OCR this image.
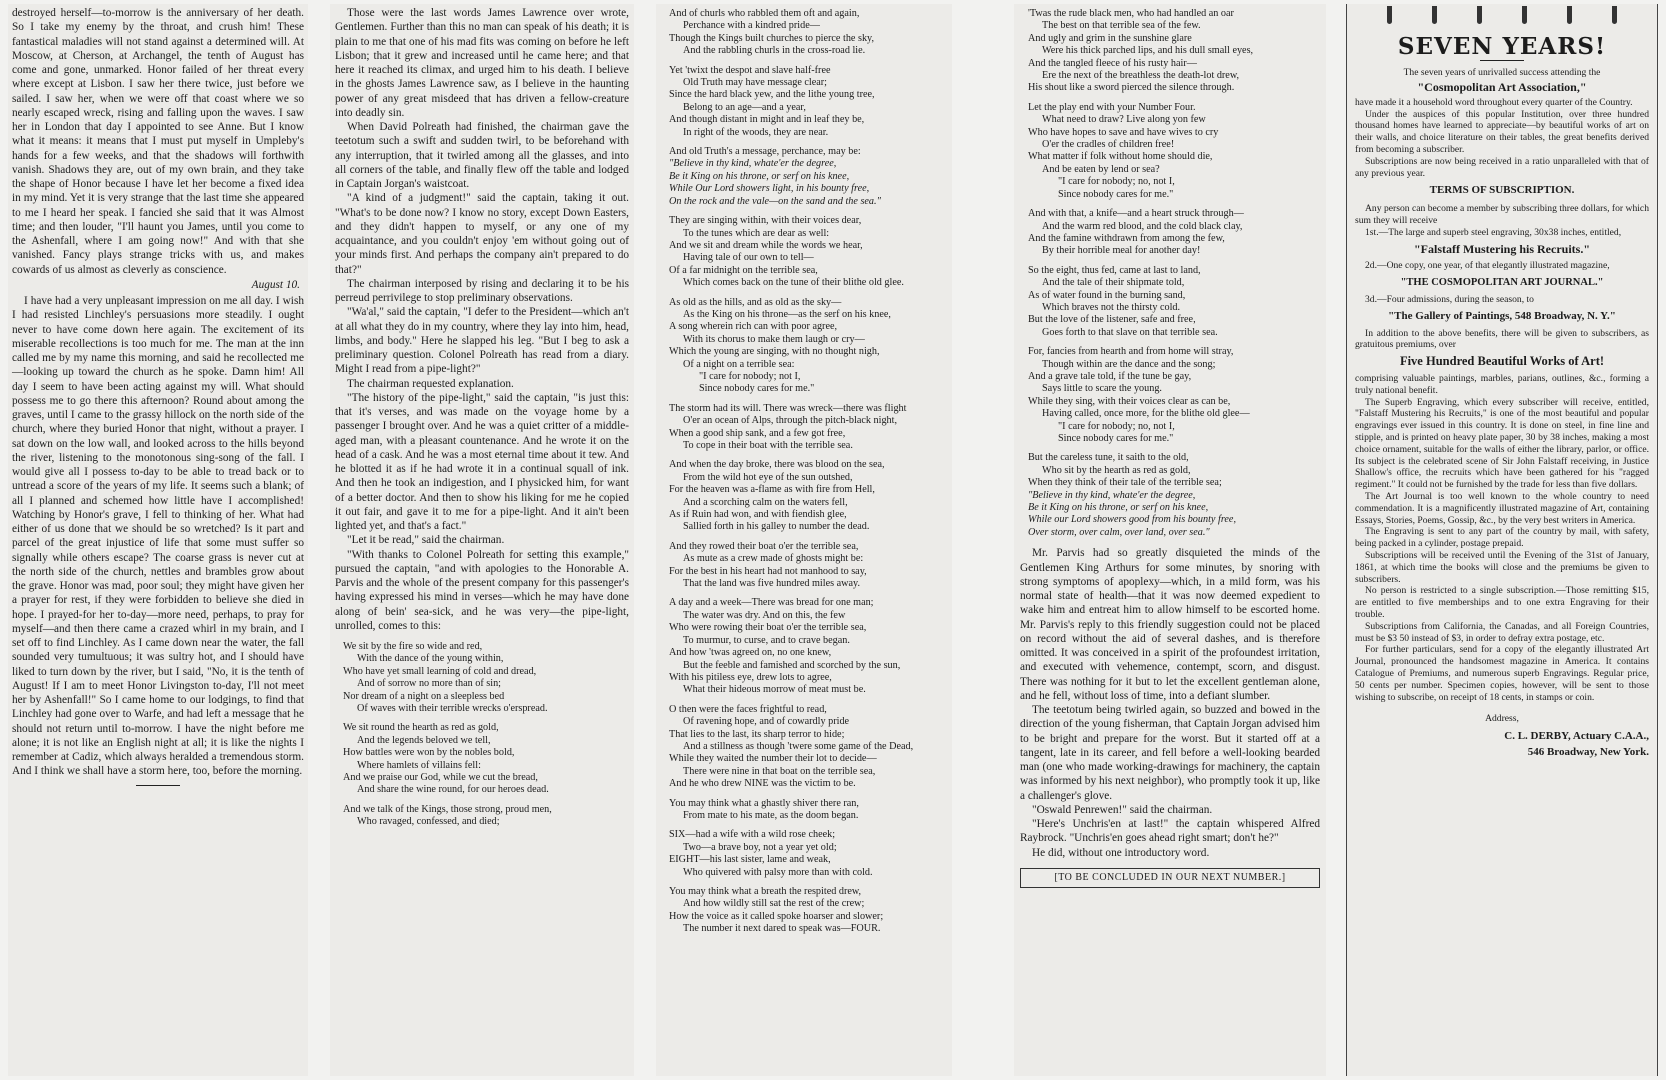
destroyed herself—to-morrow is the anniversary of her death. So I take my enemy by the throat, and crush him! These fantastical maladies will not stand against a determined will. At Moscow, at Cherson, at Archangel, the tenth of August has come and gone, unmarked. Honor failed of her threat every where except at Lisbon. I saw her there twice, just before we sailed. I saw her, when we were off that coast where we so nearly escaped wreck, rising and falling upon the waves. I saw her in London that day I appointed to see Anne. But I know what it means: it means that I must put myself in Umpleby's hands for a few weeks, and that the shadows will forthwith vanish. Shadows they are, out of my own brain, and they take the shape of Honor because I have let her become a fixed idea in my mind. Yet it is very strange that the last time she appeared to me I heard her speak. I fancied she said that it was Almost time; and then louder, "I'll haunt you James, until you come to the Ashenfall, where I am going now!" And with that she vanished. Fancy plays strange tricks with us, and makes cowards of us almost as cleverly as conscience.

August 10.

I have had a very unpleasant impression on me all day. I wish I had resisted Linchley's persuasions more steadily. I ought never to have come down here again. The excitement of its miserable recollections is too much for me. The man at the inn called me by my name this morning, and said he recollected me—looking up toward the church as he spoke. Damn him! All day I seem to have been acting against my will. What should possess me to go there this afternoon? Round about among the graves, until I came to the grassy hillock on the north side of the church, where they buried Honor that night, without a prayer. I sat down on the low wall, and looked across to the hills beyond the river, listening to the monotonous sing-song of the fall. I would give all I possess to-day to be able to tread back or to untread a score of the years of my life. It seems such a blank; of all I planned and schemed how little have I accomplished! Watching by Honor's grave, I fell to thinking of her. What had either of us done that we should be so wretched? Is it part and parcel of the great injustice of life that some must suffer so signally while others escape? The coarse grass is never cut at the north side of the church, nettles and brambles grow about the grave. Honor was mad, poor soul; they might have given her a prayer for rest, if they were forbidden to believe she died in hope. I prayed-for her to-day—more need, perhaps, to pray for myself—and then there came a crazed whirl in my brain, and I set off to find Linchley. As I came down near the water, the fall sounded very tumultuous; it was sultry hot, and I should have liked to turn down by the river, but I said, "No, it is the tenth of August! If I am to meet Honor Livingston to-day, I'll not meet her by Ashenfall!" So I came home to our lodgings, to find that Linchley had gone over to Warfe, and had left a message that he should not return until to-morrow. I have the night before me alone; it is not like an English night at all; it is like the nights I remember at Cadiz, which always heralded a tremendous storm. And I think we shall have a storm here, too, before the morning.

Those were the last words James Lawrence over wrote, Gentlemen. Further than this no man can speak of his death; it is plain to me that one of his mad fits was coming on before he left Lisbon; that it grew and increased until he came here; and that here it reached its climax, and urged him to his death. I believe in the ghosts James Lawrence saw, as I believe in the haunting power of any great misdeed that has driven a fellow-creature into deadly sin.

When David Polreath had finished, the chairman gave the teetotum such a swift and sudden twirl, to be beforehand with any interruption, that it twirled among all the glasses, and into all corners of the table, and finally flew off the table and lodged in Captain Jorgan's waistcoat.

"A kind of a judgment!" said the captain, taking it out. "What's to be done now? I know no story, except Down Easters, and they didn't happen to myself, or any one of my acquaintance, and you couldn't enjoy 'em without going out of your minds first. And perhaps the company ain't prepared to do that?"

The chairman interposed by rising and declaring it to be his perreud perrivilege to stop preliminary observations.

"Wa'al," said the captain, "I defer to the President—which an't at all what they do in my country, where they lay into him, head, limbs, and body." Here he slapped his leg. "But I beg to ask a preliminary question. Colonel Polreath has read from a diary. Might I read from a pipe-light?"

The chairman requested explanation.

"The history of the pipe-light," said the captain, "is just this: that it's verses, and was made on the voyage home by a passenger I brought over. And he was a quiet critter of a middle-aged man, with a pleasant countenance. And he wrote it on the head of a cask. And he was a most eternal time about it tew. And he blotted it as if he had wrote it in a continual squall of ink. And then he took an indigestion, and I physicked him, for want of a better doctor. And then to show his liking for me he copied it out fair, and gave it to me for a pipe-light. And it ain't been lighted yet, and that's a fact."

"Let it be read," said the chairman.

"With thanks to Colonel Polreath for setting this example," pursued the captain, "and with apologies to the Honorable A. Parvis and the whole of the present company for this passenger's having expressed his mind in verses—which he may have done along of bein' sea-sick, and he was very—the pipe-light, unrolled, comes to this:

We sit by the fire so wide and red,
With the dance of the young within,
Who have yet small learning of cold and dread,
And of sorrow no more than of sin;
Nor dream of a night on a sleepless bed
Of waves with their terrible wrecks o'erspread.
We sit round the hearth as red as gold,
And the legends beloved we tell,
How battles were won by the nobles bold,
Where hamlets of villains fell:
And we praise our God, while we cut the bread,
And share the wine round, for our heroes dead.
And we talk of the Kings, those strong, proud men,
Who ravaged, confessed, and died;
And of churls who rabbled them oft and again,
Perchance with a kindred pride—
Though the Kings built churches to pierce the sky,
And the rabbling churls in the cross-road lie.
Yet 'twixt the despot and slave half-free
Old Truth may have message clear;
Since the hard black yew, and the lithe young tree,
Belong to an age—and a year,
And though distant in might and in leaf they be,
In right of the woods, they are near.
And old Truth's a message, perchance, may be:
"Believe in thy kind, whate'er the degree,
Be it King on his throne, or serf on his knee,
While Our Lord showers light, in his bounty free,
On the rock and the vale—on the sand and the sea."
They are singing within, with their voices dear,
To the tunes which are dear as well:
And we sit and dream while the words we hear,
Having tale of our own to tell—
Of a far midnight on the terrible sea,
Which comes back on the tune of their blithe old glee.
As old as the hills, and as old as the sky—
As the King on his throne—as the serf on his knee,
A song wherein rich can with poor agree,
With its chorus to make them laugh or cry—
Which the young are singing, with no thought nigh,
Of a night on a terrible sea:
"I care for nobody; not I,
Since nobody cares for me."
The storm had its will. There was wreck—there was flight
O'er an ocean of Alps, through the pitch-black night,
When a good ship sank, and a few got free,
To cope in their boat with the terrible sea.
And when the day broke, there was blood on the sea,
From the wild hot eye of the sun outshed,
For the heaven was a-flame as with fire from Hell,
And a scorching calm on the waters fell,
As if Ruin had won, and with fiendish glee,
Sallied forth in his galley to number the dead.
And they rowed their boat o'er the terrible sea,
As mute as a crew made of ghosts might be:
For the best in his heart had not manhood to say,
That the land was five hundred miles away.
A day and a week—There was bread for one man;
The water was dry. And on this, the few
Who were rowing their boat o'er the terrible sea,
To murmur, to curse, and to crave began.
And how 'twas agreed on, no one knew,
But the feeble and famished and scorched by the sun,
With his pitiless eye, drew lots to agree,
What their hideous morrow of meat must be.
O then were the faces frightful to read,
Of ravening hope, and of cowardly pride
That lies to the last, its sharp terror to hide;
And a stillness as though 'twere some game of the Dead,
While they waited the number their lot to decide—
There were nine in that boat on the terrible sea,
And he who drew NINE was the victim to be.
You may think what a ghastly shiver there ran,
From mate to his mate, as the doom began.
SIX—had a wife with a wild rose cheek;
Two—a brave boy, not a year yet old;
EIGHT—his last sister, lame and weak,
Who quivered with palsy more than with cold.
You may think what a breath the respited drew,
And how wildly still sat the rest of the crew;
How the voice as it called spoke hoarser and slower;
The number it next dared to speak was—FOUR.
'Twas the rude black men, who had handled an oar
The best on that terrible sea of the few.
And ugly and grim in the sunshine glare
Were his thick parched lips, and his dull small eyes,
And the tangled fleece of his rusty hair—
Ere the next of the breathless the death-lot drew,
His shout like a sword pierced the silence through.
Let the play end with your Number Four.
What need to draw? Live along yon few
Who have hopes to save and have wives to cry
O'er the cradles of children free!
What matter if folk without home should die,
And be eaten by lend or sea?
"I care for nobody; no, not I,
Since nobody cares for me."
And with that, a knife—and a heart struck through—
And the warm red blood, and the cold black clay,
And the famine withdrawn from among the few,
By their horrible meal for another day!
So the eight, thus fed, came at last to land,
And the tale of their shipmate told,
As of water found in the burning sand,
Which braves not the thirsty cold.
But the love of the listener, safe and free,
Goes forth to that slave on that terrible sea.
For, fancies from hearth and from home will stray,
Though within are the dance and the song;
And a grave tale told, if the tune be gay,
Says little to scare the young.
While they sing, with their voices clear as can be,
Having called, once more, for the blithe old glee—
"I care for nobody; no, not I,
Since nobody cares for me."
But the careless tune, it saith to the old,
Who sit by the hearth as red as gold,
When they think of their tale of the terrible sea;
"Believe in thy kind, whate'er the degree,
Be it King on his throne, or serf on his knee,
While our Lord showers good from his bounty free,
Over storm, over calm, over land, over sea."

Mr. Parvis had so greatly disquieted the minds of the Gentlemen King Arthurs for some minutes, by snoring with strong symptoms of apoplexy—which, in a mild form, was his normal state of health—that it was now deemed expedient to wake him and entreat him to allow himself to be escorted home. Mr. Parvis's reply to this friendly suggestion could not be placed on record without the aid of several dashes, and is therefore omitted. It was conceived in a spirit of the profoundest irritation, and executed with vehemence, contempt, scorn, and disgust. There was nothing for it but to let the excellent gentleman alone, and he fell, without loss of time, into a defiant slumber.

The teetotum being twirled again, so buzzed and bowed in the direction of the young fisherman, that Captain Jorgan advised him to be bright and prepare for the worst. But it started off at a tangent, late in its career, and fell before a well-looking bearded man (one who made working-drawings for machinery, the captain was informed by his next neighbor), who promptly took it up, like a challenger's glove.

"Oswald Penrewen!" said the chairman.

"Here's Unchris'en at last!" the captain whispered Alfred Raybrock. "Unchris'en goes ahead right smart; don't he?"

He did, without one introductory word.

[TO BE CONCLUDED IN OUR NEXT NUMBER.]
SEVEN YEARS!

The seven years of unrivalled success attending the

"Cosmopolitan Art Association,"

have made it a household word throughout every quarter of the Country.

Under the auspices of this popular Institution, over three hundred thousand homes have learned to appreciate—by beautiful works of art on their walls, and choice literature on their tables, the great benefits derived from becoming a subscriber.

Subscriptions are now being received in a ratio unparalleled with that of any previous year.

TERMS OF SUBSCRIPTION.

Any person can become a member by subscribing three dollars, for which sum they will receive

1st.—The large and superb steel engraving, 30x38 inches, entitled,

"Falstaff Mustering his Recruits."

2d.—One copy, one year, of that elegantly illustrated magazine,

"THE COSMOPOLITAN ART JOURNAL."

3d.—Four admissions, during the season, to

"The Gallery of Paintings, 548 Broadway, N. Y."

In addition to the above benefits, there will be given to subscribers, as gratuitous premiums, over

Five Hundred Beautiful Works of Art!

comprising valuable paintings, marbles, parians, outlines, &c., forming a truly national benefit.

The Superb Engraving, which every subscriber will receive, entitled, "Falstaff Mustering his Recruits," is one of the most beautiful and popular engravings ever issued in this country. It is done on steel, in fine line and stipple, and is printed on heavy plate paper, 30 by 38 inches, making a most choice ornament, suitable for the walls of either the library, parlor, or office. Its subject is the celebrated scene of Sir John Falstaff receiving, in Justice Shallow's office, the recruits which have been gathered for his "ragged regiment." It could not be furnished by the trade for less than five dollars.

The Art Journal is too well known to the whole country to need commendation. It is a magnificently illustrated magazine of Art, containing Essays, Stories, Poems, Gossip, &c., by the very best writers in America.

The Engraving is sent to any part of the country by mail, with safety, being packed in a cylinder, postage prepaid.

Subscriptions will be received until the Evening of the 31st of January, 1861, at which time the books will close and the premiums be given to subscribers.

No person is restricted to a single subscription.—Those remitting $15, are entitled to five memberships and to one extra Engraving for their trouble.

Subscriptions from California, the Canadas, and all Foreign Countries, must be $3 50 instead of $3, in order to defray extra postage, etc.

For further particulars, send for a copy of the elegantly illustrated Art Journal, pronounced the handsomest magazine in America. It contains Catalogue of Premiums, and numerous superb Engravings. Regular price, 50 cents per number. Specimen copies, however, will be sent to those wishing to subscribe, on receipt of 18 cents, in stamps or coin.

Address,
C. L. DERBY, Actuary C.A.A.,
546 Broadway, New York.
